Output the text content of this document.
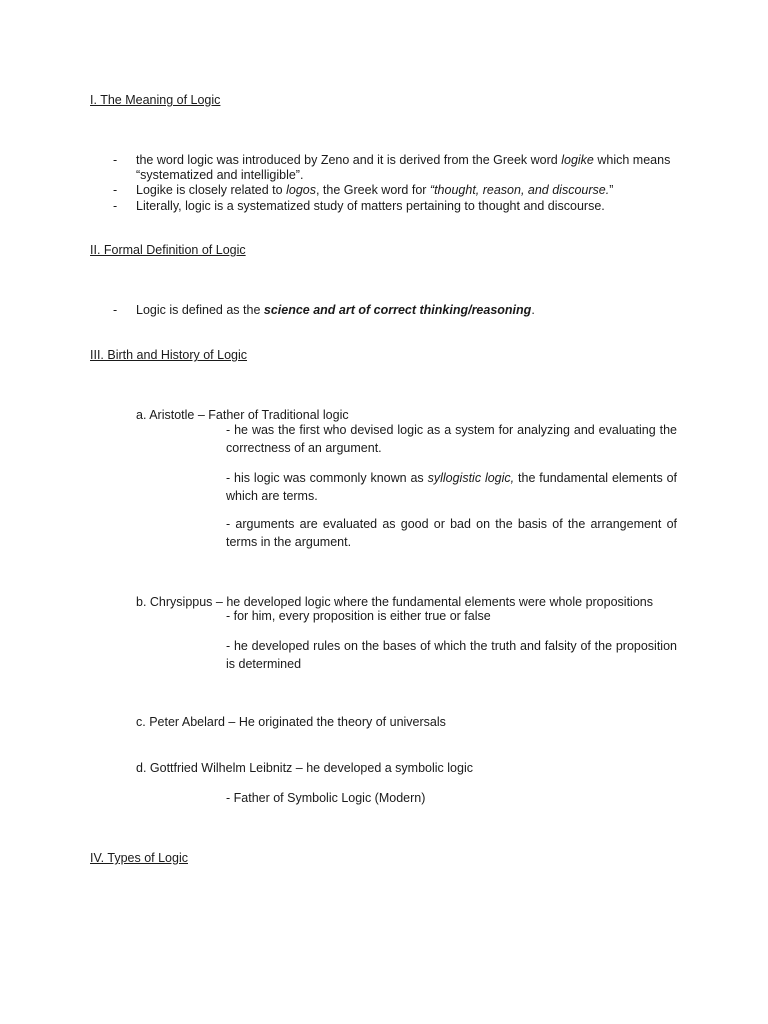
I. The Meaning of Logic
- the word logic was introduced by Zeno and it is derived from the Greek word logike which means
“systematized and intelligible”.
- Logike is closely related to logos, the Greek word for “thought, reason, and discourse.”
- Literally, logic is a systematized study of matters pertaining to thought and discourse.
II. Formal Definition of Logic
- Logic is defined as the science and art of correct thinking/reasoning.
III. Birth and History of Logic
a. Aristotle – Father of Traditional logic
- he was the first who devised logic as a system for analyzing and evaluating the correctness of an argument.
- his logic was commonly known as syllogistic logic, the fundamental elements of which are terms.
- arguments are evaluated as good or bad on the basis of the arrangement of terms in the argument.
b. Chrysippus – he developed logic where the fundamental elements were whole propositions
- for him, every proposition is either true or false
- he developed rules on the bases of which the truth and falsity of the proposition is determined
c. Peter Abelard – He originated the theory of universals
d. Gottfried Wilhelm Leibnitz – he developed a symbolic logic
- Father of Symbolic Logic (Modern)
IV. Types of Logic
